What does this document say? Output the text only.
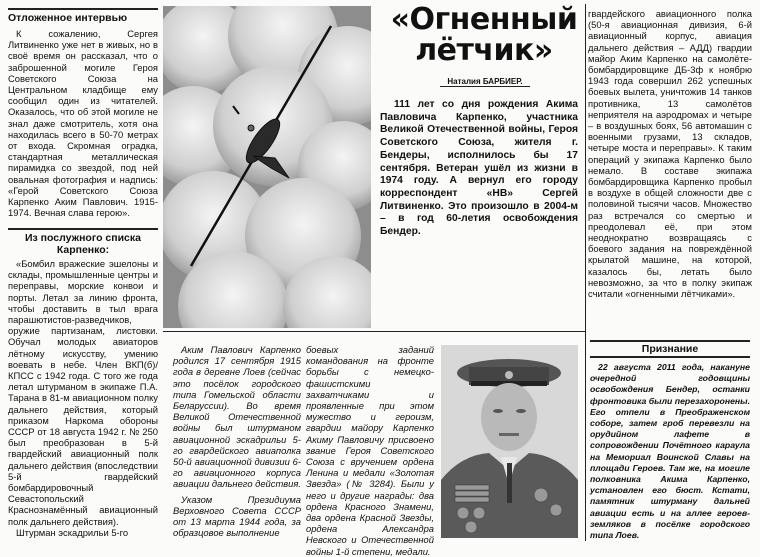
Отложенное интервью

К сожалению, Сергея Литвиненко уже нет в живых, но в своё время он рассказал, что о заброшенной могиле Героя Советского Союза на Центральном кладбище ему сообщил один из читателей. Оказалось, что об этой могиле не знал даже смотритель, хотя она находилась всего в 50-70 метрах от входа. Скромная оградка, стандартная металлическая пирамидка со звездой, под ней овальная фотография и надпись: «Герой Советского Союза Карпенко Аким Павлович. 1915-1974. Вечная слава герою».

Из послужного списка Карпенко:

«Бомбил вражеские эшелоны и склады, промышленные центры и переправы, морские конвои и порты. Летал за линию фронта, чтобы доставить в тыл врага парашютистов-разведчиков, оружие партизанам, листовки. Обучал молодых авиаторов лётному искусству, умению воевать в небе. Член ВКП(б)/КПСС с 1942 года. С того же года летал штурманом в экипаже П.А. Тарана в 81-м авиационном полку дальнего действия, который приказом Наркома обороны СССР от 18 августа 1942 г. № 250 был преобразован в 5-й гвардейский авиационный полк дальнего действия (впоследствии 5-й гвардейский бомбардировочный Севастопольский Краснознамённый авиационный полк дальнего действия).

Штурман эскадрильи 5-го

«Огненный
лётчик»
Наталия БАРБИЕР.
111 лет со дня рождения Акима Павловича Карпенко, участника Великой Отечественной войны, Героя Советского Союза, жителя г. Бендеры, исполнилось бы 17 сентября. Ветеран ушёл из жизни в 1974 году. А вернул его городу корреспондент «НВ» Сергей Литвиненко. Это произошло в 2004-м – в год 60-летия освобождения Бендер.

гвардейского авиационного полка (50-я авиационная дивизия, 6-й авиационный корпус, авиация дальнего действия – АДД) гвардии майор Аким Карпенко на самолёте-бомбардировщике ДБ-3ф к ноябрю 1943 года совершил 262 успешных боевых вылета, уничтожив 14 танков противника, 13 самолётов неприятеля на аэродромах и четыре – в воздушных боях, 56 автомашин с военными грузами, 13 складов, четыре моста и переправы». К таким операций у экипажа Карпенко было немало. В составе экипажа бомбардировщика Карпенко пробыл в воздухе в общей сложности две с половиной тысячи часов. Множество раз встречался со смертью и преодолевал её, при этом неоднократно возвращаясь с боевого задания на повреждённой крылатой машине, на которой, казалось бы, летать было невозможно, за что в полку экипаж считали «огненными лётчиками».

Аким Павлович Карпенко родился 17 сентября 1915 года в деревне Лоев (сейчас это посёлок городского типа Гомельской области Беларуссии). Во время Великой Отечественной войны был штурманом авиационной эскадрильи 5-го гвардейского авиаполка 50-й авиационной дивизии 6-го авиационного корпуса авиации дальнего действия.

Указом Президиума Верховного Совета СССР от 13 марта 1944 года, за образцовое выполнение

боевых заданий командования на фронте борьбы с немецко-фашистскими захватчиками и проявленные при этом мужество и героизм, гвардии майору Карпенко Акиму Павловичу присвоено звание Героя Советского Союза с вручением ордена Ленина и медали «Золотая Звезда» (№ 3284). Были у него и другие награды: два ордена Красного Знамени, два ордена Красной Звезды, ордена Александра Невского и Отечественной войны 1-й степени, медали.

Признание

22 августа 2011 года, накануне очередной годовщины освобождения Бендер, останки фронтовика были перезахоронены. Его отпели в Преображенском соборе, затем гроб перевезли на орудийном лафете в сопровождении Почётного караула на Мемориал Воинской Славы на площади Героев. Там же, на могиле полковника Акима Карпенко, установлен его бюст. Кстати, памятник штурману дальней авиации есть и на аллее героев-земляков в посёлке городского типа Лоев.
